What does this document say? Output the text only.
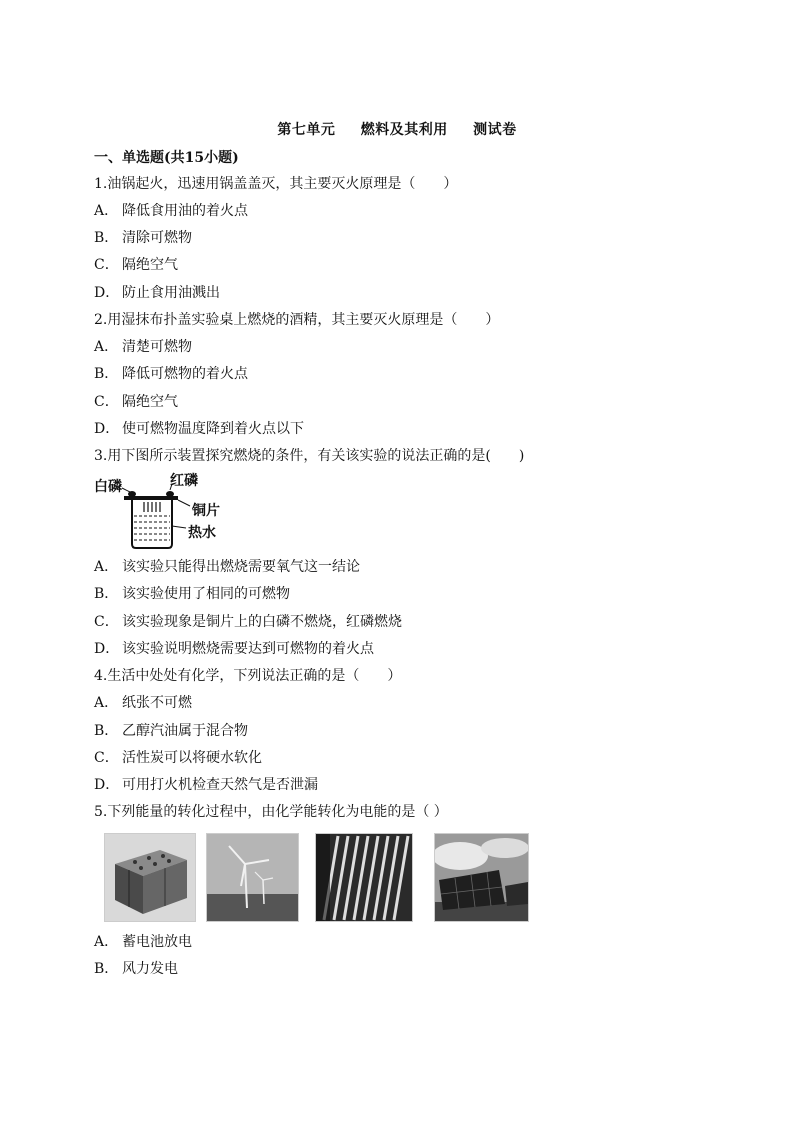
第七单元 燃料及其利用 测试卷
一、单选题(共15小题)
1.油锅起火，迅速用锅盖盖灭，其主要灭火原理是（　　）
A． 降低食用油的着火点
B． 清除可燃物
C． 隔绝空气
D． 防止食用油溅出
2.用湿抹布扑盖实验桌上燃烧的酒精，其主要灭火原理是（　　）
A． 清楚可燃物
B． 降低可燃物的着火点
C． 隔绝空气
D． 使可燃物温度降到着火点以下
3.用下图所示装置探究燃烧的条件，有关该实验的说法正确的是(　　)
白磷	红磷
铜片
热水
A． 该实验只能得出燃烧需要氧气这一结论
B． 该实验使用了相同的可燃物
C． 该实验现象是铜片上的白磷不燃烧，红磷燃烧
D． 该实验说明燃烧需要达到可燃物的着火点
4.生活中处处有化学，下列说法正确的是（　　）
A． 纸张不可燃
B． 乙醇汽油属于混合物
C． 活性炭可以将硬水软化
D． 可用打火机检查天然气是否泄漏
5.下列能量的转化过程中，由化学能转化为电能的是（ ）
A． 蓄电池放电
B． 风力发电
